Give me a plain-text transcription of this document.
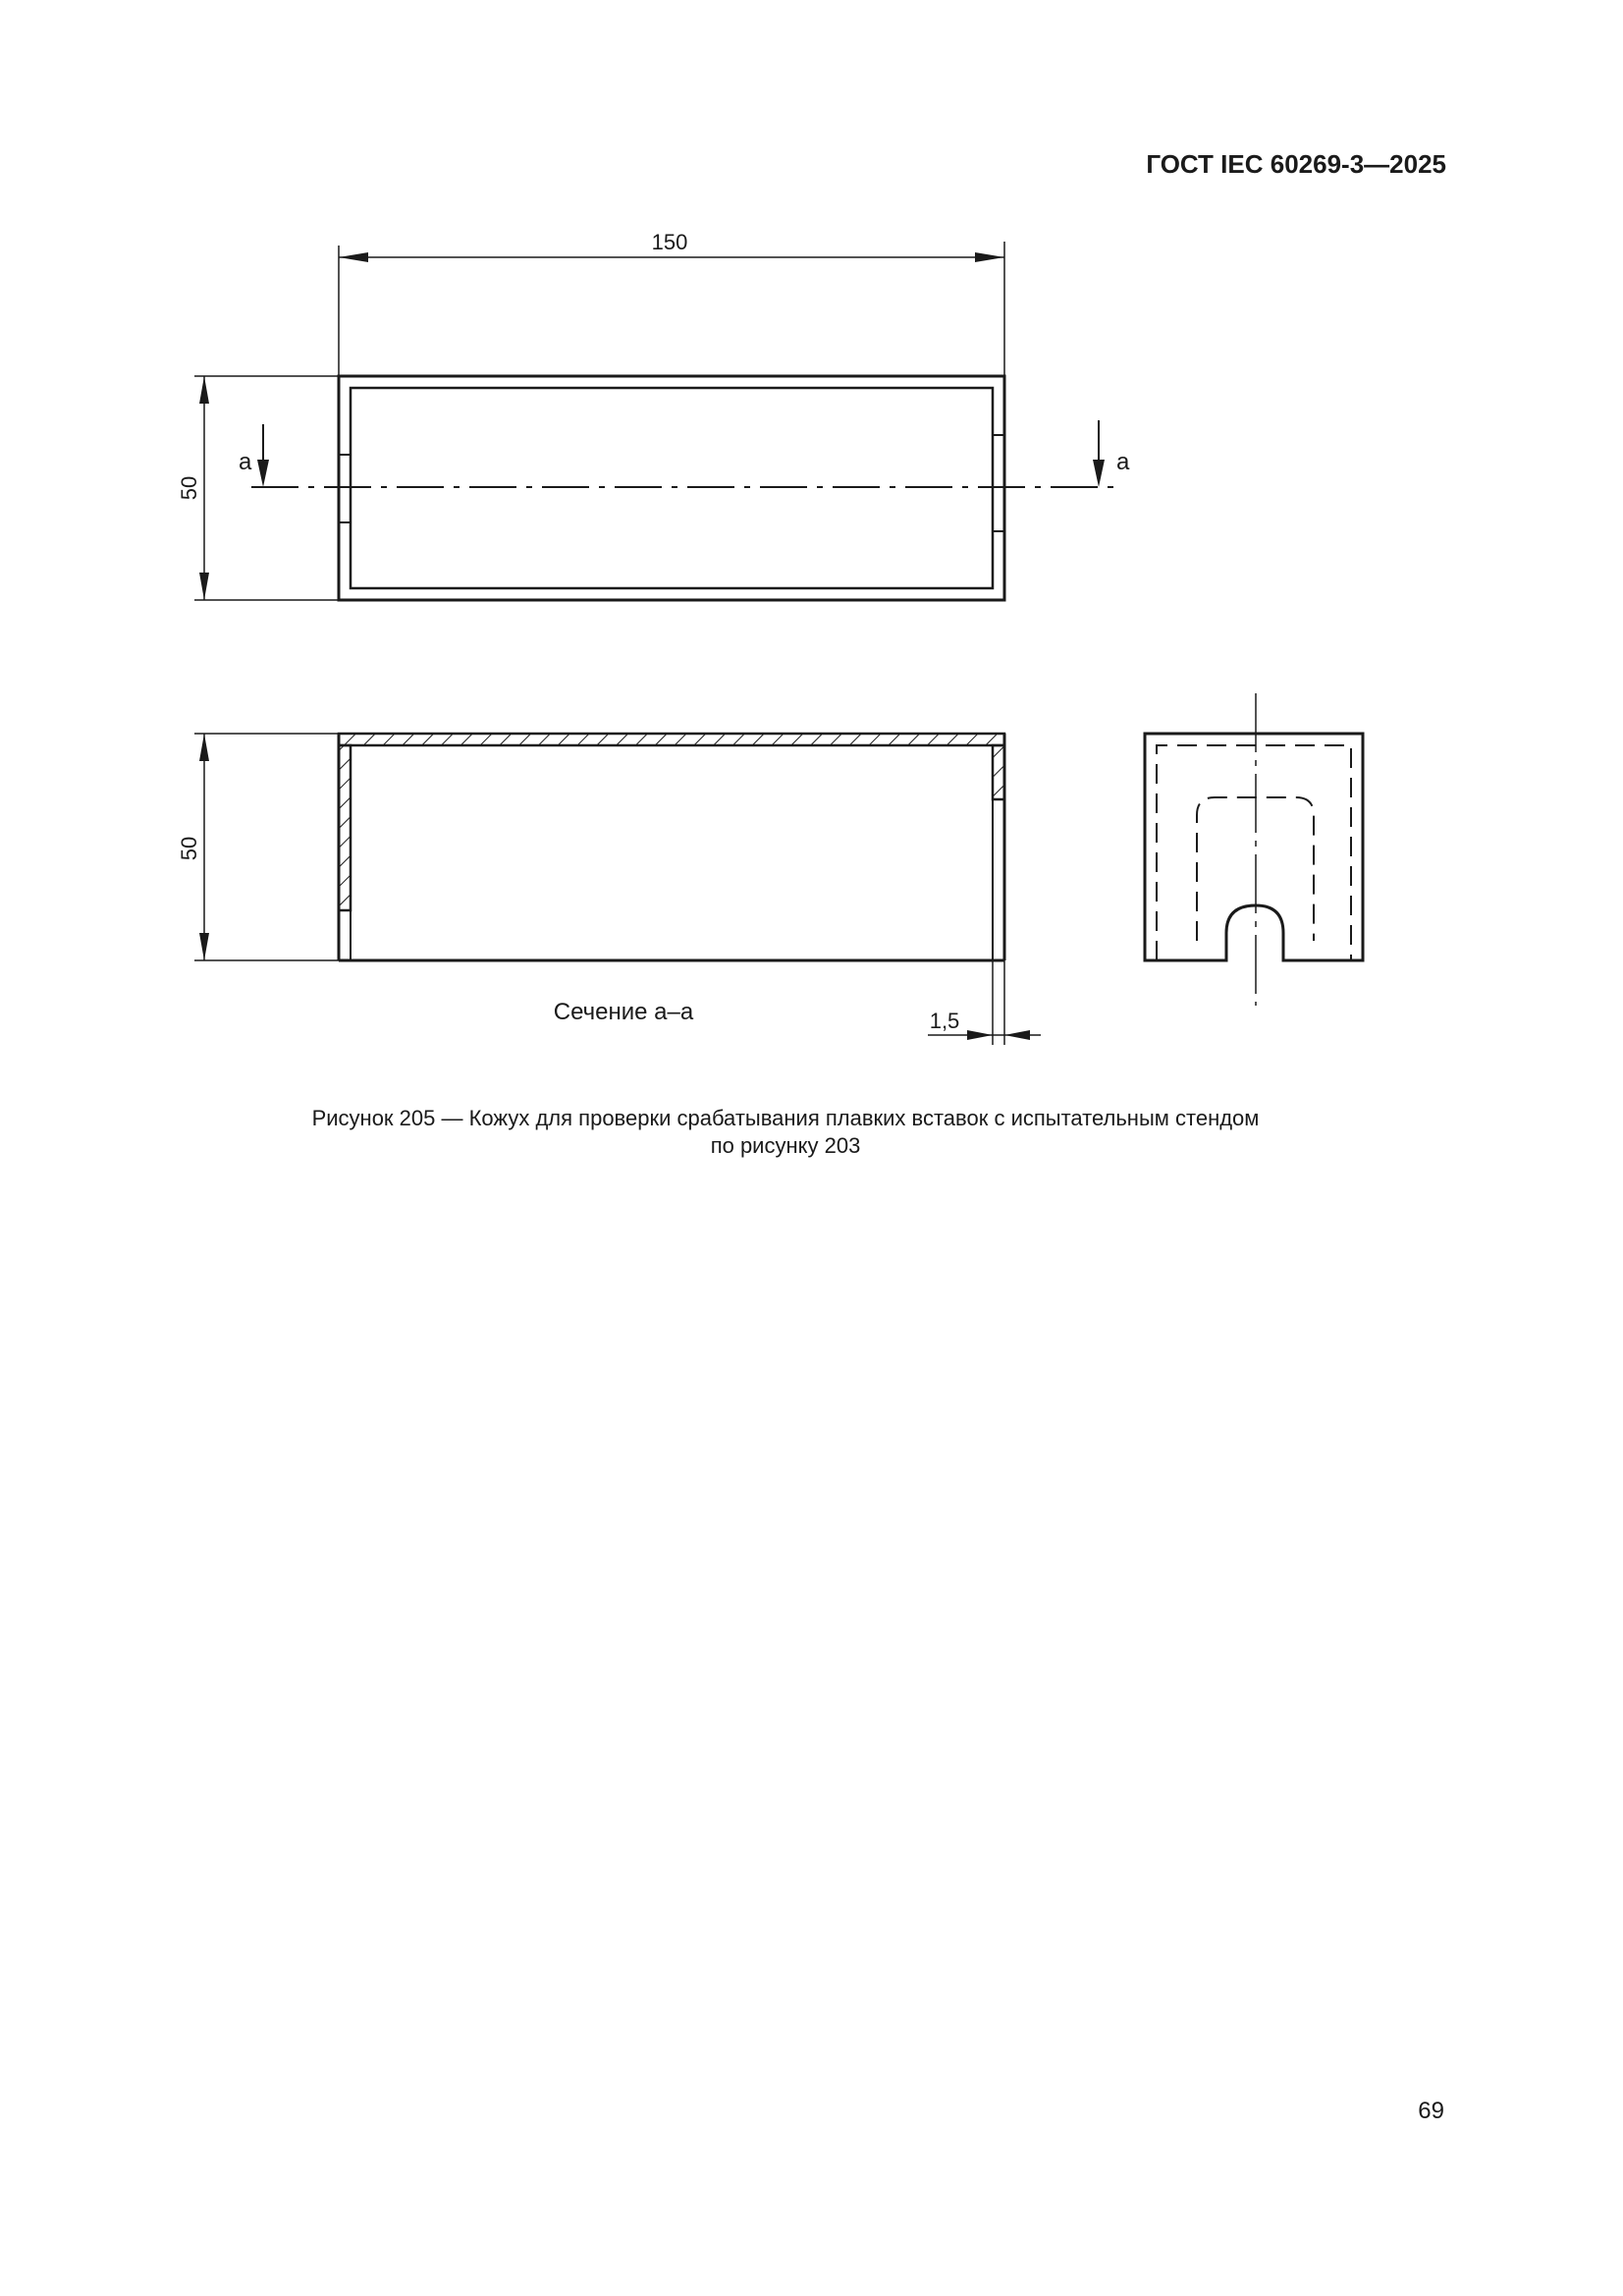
ГОСТ IEC 60269-3—2025
150
50
а	а
50
Сечение а–а	1,5
Рисунок 205 — Кожух для проверки срабатывания плавких вставок с испытательным стендом
по рисунку 203
69
